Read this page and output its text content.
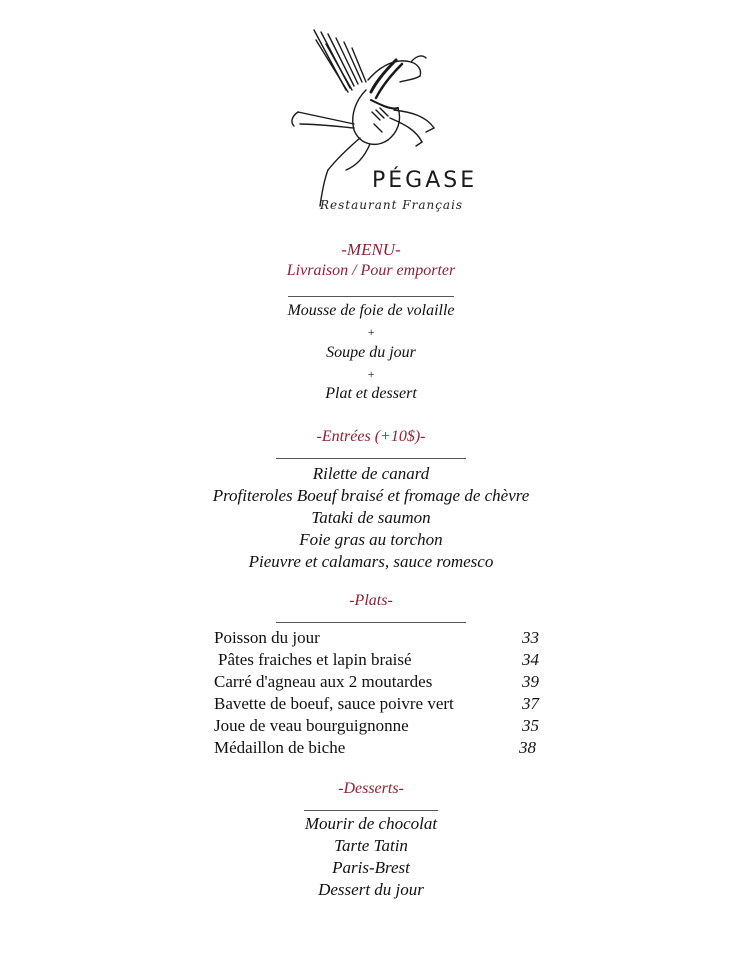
PÉGASE
Restaurant Français
-MENU-
Livraison / Pour emporter
Mousse de foie de volaille
+
Soupe du jour
+
Plat et dessert
-Entrées (+10$)-
Rilette de canard
Profiteroles Boeuf braisé et fromage de chèvre
Tataki de saumon
Foie gras au torchon
Pieuvre et calamars, sauce romesco
-Plats-
Poisson du jour	33
Pâtes fraiches et lapin braisé	34
Carré d'agneau aux 2 moutardes	39
Bavette de boeuf, sauce poivre vert	37
Joue de veau bourguignonne	35
Médaillon de biche	38
-Desserts-
Mourir de chocolat
Tarte Tatin
Paris-Brest
Dessert du jour
